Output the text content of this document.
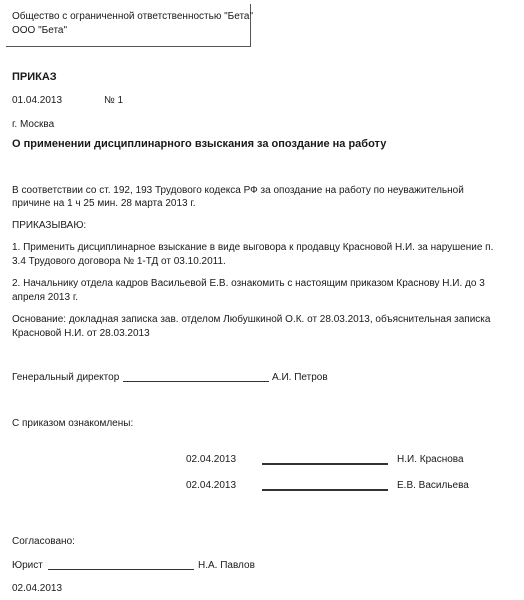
Общество с ограниченной ответственностью "Бета"
ООО "Бета"
ПРИКАЗ
01.04.2013	№ 1
г. Москва
О применении дисциплинарного взыскания за опоздание на работу
В соответствии со ст. 192, 193 Трудового кодекса РФ за опоздание на работу по неуважительной
причине на 1 ч 25 мин. 28 марта 2013 г.
ПРИКАЗЫВАЮ:
1. Применить дисциплинарное взыскание в виде выговора к продавцу Красновой Н.И. за нарушение п.
3.4 Трудового договора № 1-ТД от 03.10.2011.
2. Начальнику отдела кадров Васильевой Е.В. ознакомить с настоящим приказом Краснову Н.И. до 3
апреля 2013 г.
Основание: докладная записка зав. отделом Любушкиной О.К. от 28.03.2013, объяснительная записка
Красновой Н.И. от 28.03.2013
Генеральный директор	А.И. Петров
С приказом ознакомлены:
02.04.2013	Н.И. Краснова
02.04.2013	Е.В. Васильева
Согласовано:
Юрист	Н.А. Павлов
02.04.2013
